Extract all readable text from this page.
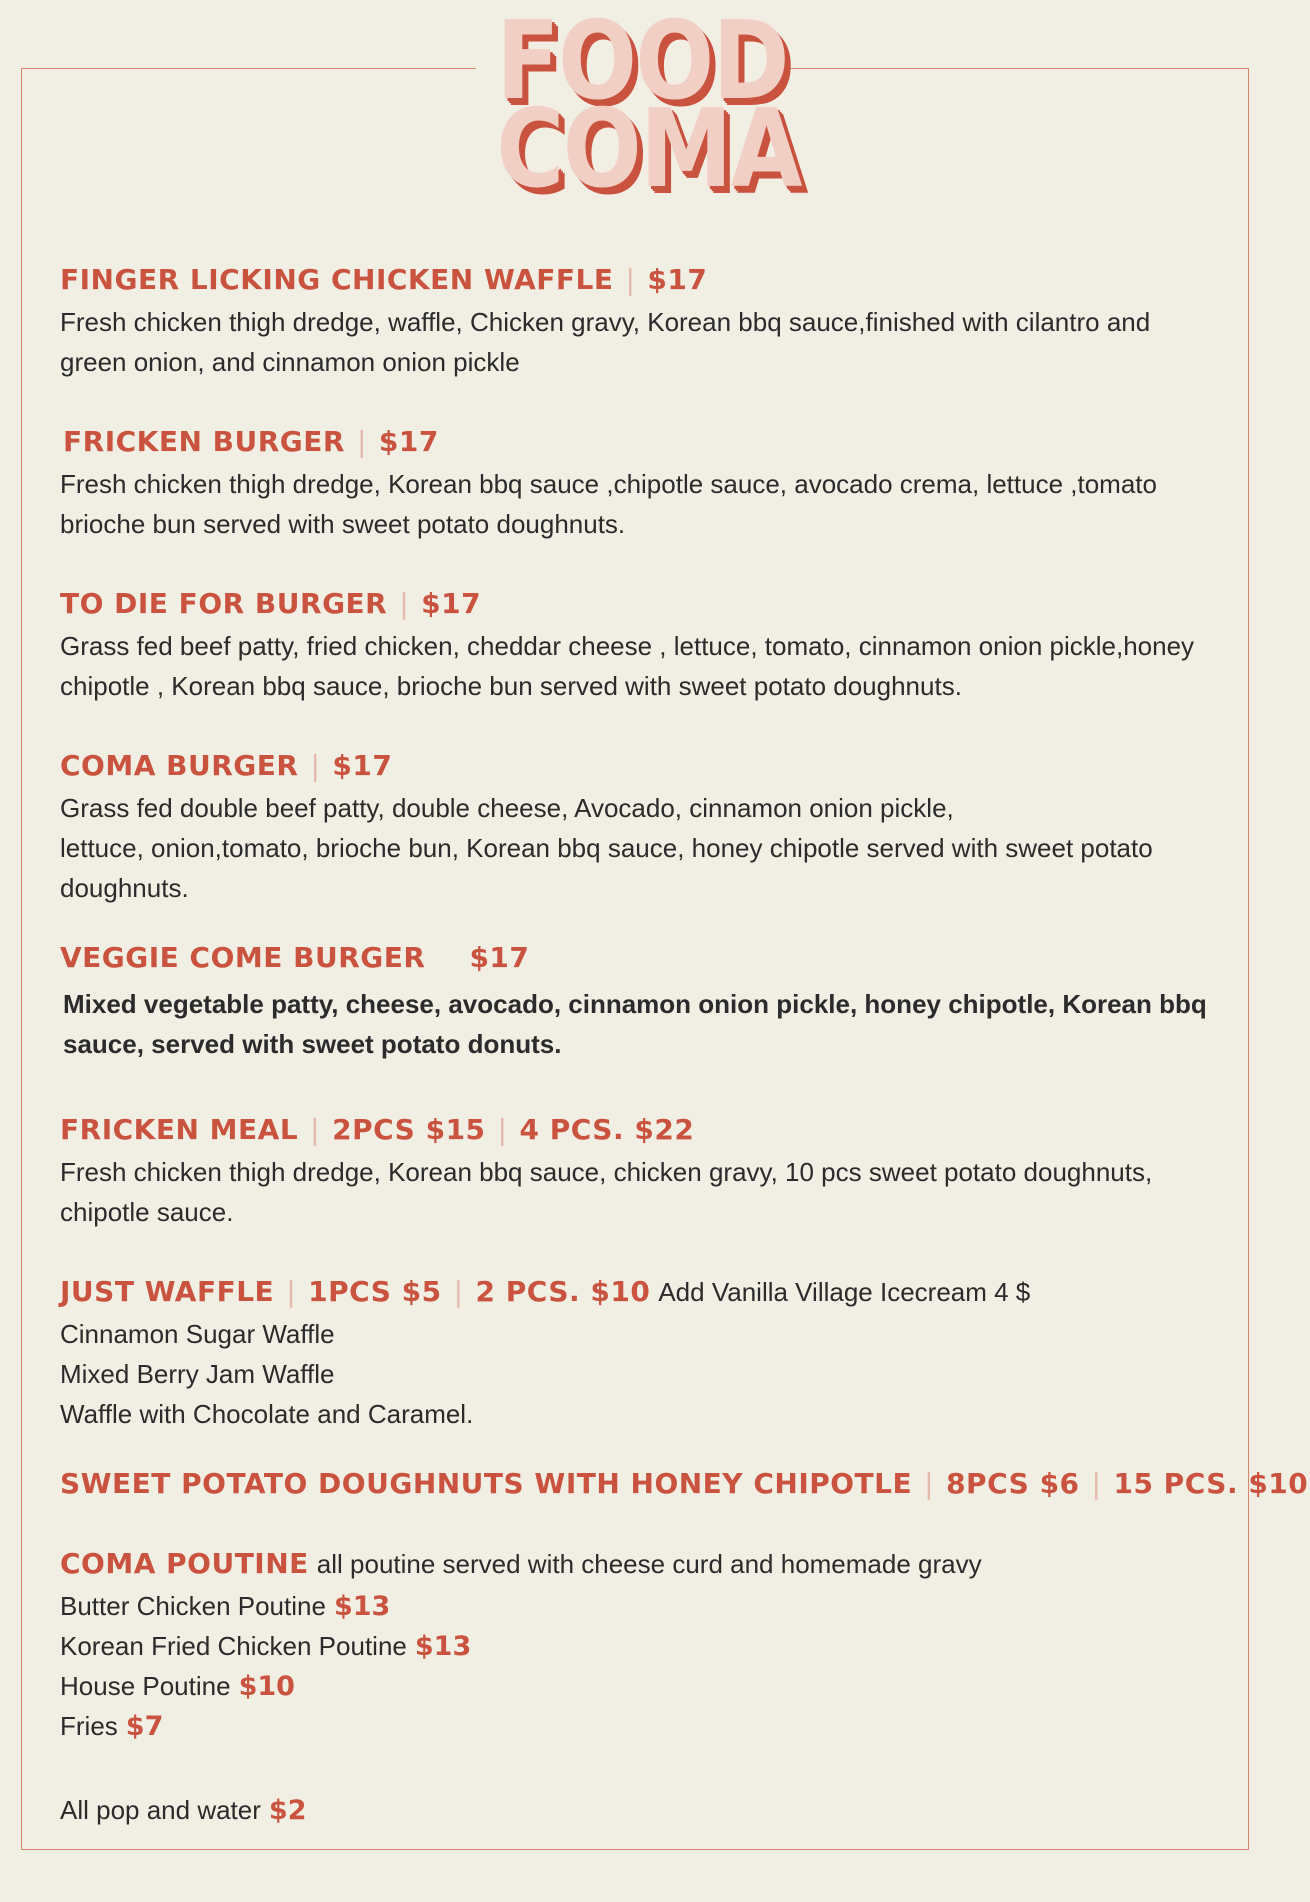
FOOD
COMA
FINGER LICKING CHICKEN WAFFLE | $17
Fresh chicken thigh dredge, waffle, Chicken gravy, Korean bbq sauce,finished with cilantro and green onion, and cinnamon onion pickle
FRICKEN BURGER | $17
Fresh chicken thigh dredge, Korean bbq sauce ,chipotle sauce, avocado crema, lettuce ,tomato brioche bun served with sweet potato doughnuts.
TO DIE FOR BURGER | $17
Grass fed beef patty, fried chicken, cheddar cheese , lettuce, tomato, cinnamon onion pickle,honey chipotle , Korean bbq sauce, brioche bun served with sweet potato doughnuts.
COMA BURGER | $17
Grass fed double beef patty, double cheese, Avocado, cinnamon onion pickle,
lettuce, onion,tomato, brioche bun, Korean bbq sauce, honey chipotle served with sweet potato doughnuts.
VEGGIE COME BURGER $17
Mixed vegetable patty, cheese, avocado, cinnamon onion pickle, honey chipotle, Korean bbq sauce, served with sweet potato donuts.
FRICKEN MEAL | 2PCS $15 | 4 PCS. $22
Fresh chicken thigh dredge, Korean bbq sauce, chicken gravy, 10 pcs sweet potato doughnuts, chipotle sauce.
JUST WAFFLE | 1PCS $5 | 2 PCS. $10 Add Vanilla Village Icecream 4 $
Cinnamon Sugar Waffle
Mixed Berry Jam Waffle
Waffle with Chocolate and Caramel.
SWEET POTATO DOUGHNUTS WITH HONEY CHIPOTLE | 8PCS $6 | 15 PCS. $10
COMA POUTINE all poutine served with cheese curd and homemade gravy
Butter Chicken Poutine $13
Korean Fried Chicken Poutine $13
House Poutine $10
Fries $7
All pop and water $2
